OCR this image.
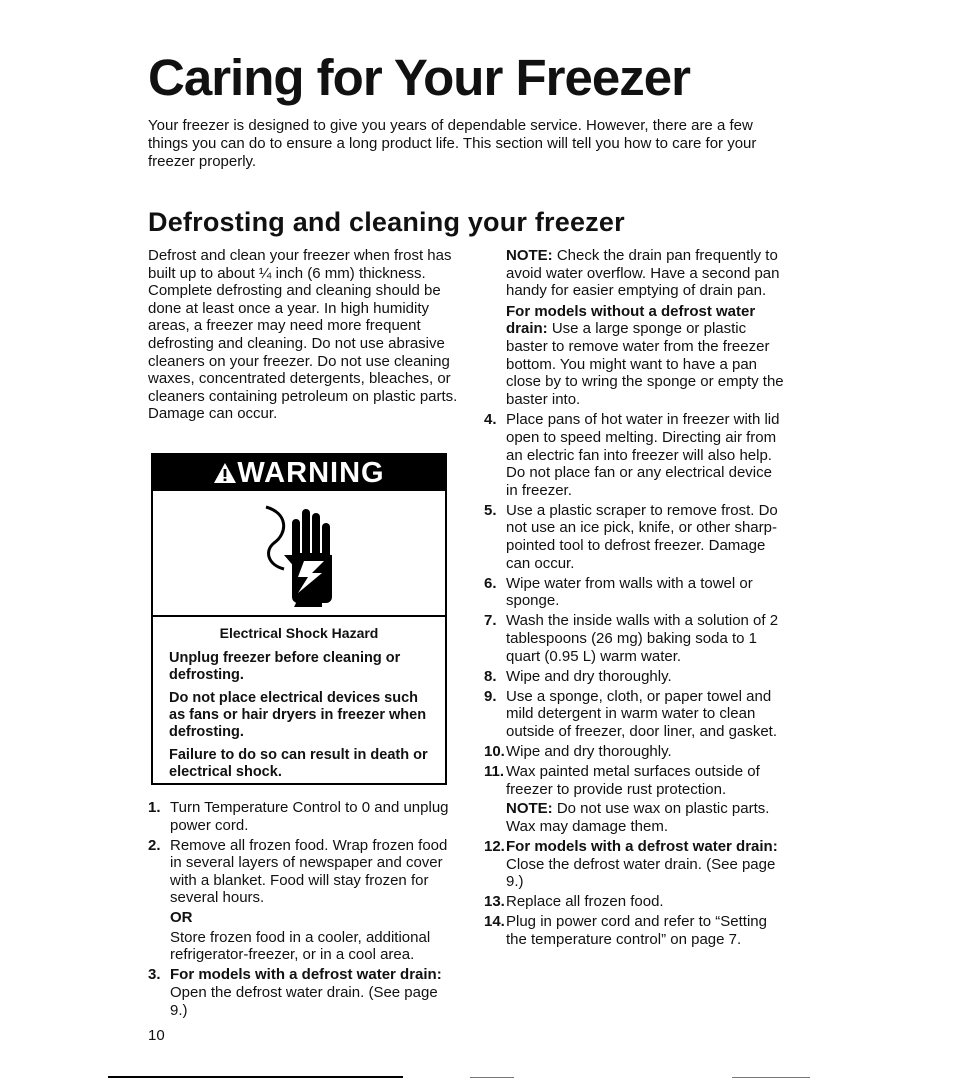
Caring for Your Freezer

Your freezer is designed to give you years of dependable service. However, there are a few things you can do to ensure a long product life. This section will tell you how to care for your freezer properly.

Defrosting and cleaning your freezer

Defrost and clean your freezer when frost has built up to about ¼ inch (6 mm) thickness. Complete defrosting and cleaning should be done at least once a year. In high humidity areas, a freezer may need more frequent defrosting and cleaning. Do not use abrasive cleaners on your freezer. Do not use cleaning waxes, concentrated detergents, bleaches, or cleaners containing petroleum on plastic parts. Damage can occur.

WARNING
Electrical Shock Hazard

Unplug freezer before cleaning or defrosting.

Do not place electrical devices such as fans or hair dryers in freezer when defrosting.

Failure to do so can result in death or electrical shock.

1. Turn Temperature Control to 0 and unplug power cord.
2. Remove all frozen food. Wrap frozen food in several layers of newspaper and cover with a blanket. Food will stay frozen for several hours.
OR
Store frozen food in a cooler, additional refrigerator-freezer, or in a cool area.
3. For models with a defrost water drain: Open the defrost water drain. (See page 9.)
NOTE: Check the drain pan frequently to avoid water overflow. Have a second pan handy for easier emptying of drain pan.
For models without a defrost water drain: Use a large sponge or plastic baster to remove water from the freezer bottom. You might want to have a pan close by to wring the sponge or empty the baster into.
4. Place pans of hot water in freezer with lid open to speed melting. Directing air from an electric fan into freezer will also help. Do not place fan or any electrical device in freezer.
5. Use a plastic scraper to remove frost. Do not use an ice pick, knife, or other sharp-pointed tool to defrost freezer. Damage can occur.
6. Wipe water from walls with a towel or sponge.
7. Wash the inside walls with a solution of 2 tablespoons (26 mg) baking soda to 1 quart (0.95 L) warm water.
8. Wipe and dry thoroughly.
9. Use a sponge, cloth, or paper towel and mild detergent in warm water to clean outside of freezer, door liner, and gasket.
10. Wipe and dry thoroughly.
11. Wax painted metal surfaces outside of freezer to provide rust protection.
NOTE: Do not use wax on plastic parts. Wax may damage them.
12. For models with a defrost water drain: Close the defrost water drain. (See page 9.)
13. Replace all frozen food.
14. Plug in power cord and refer to “Setting the temperature control” on page 7.
10
